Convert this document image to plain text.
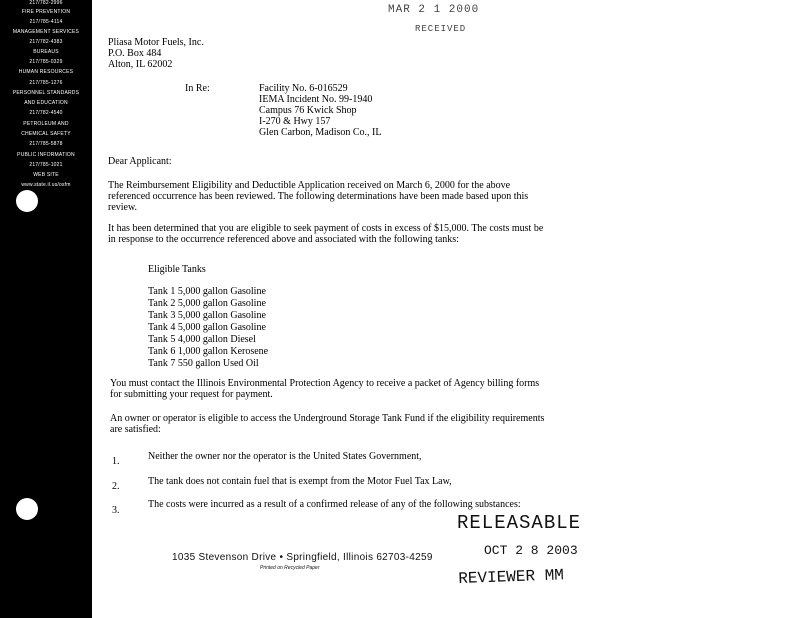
217/782-2996
FIRE PREVENTION
217/785-4114
MANAGEMENT SERVICES
217/782-4383
BUREAUS
217/785-0329
HUMAN RESOURCES
217/785-1276
PERSONNEL STANDARDS
AND EDUCATION
217/782-4540
PETROLEUM AND
CHEMICAL SAFETY
217/785-5878
PUBLIC INFORMATION
217/785-1021
WEB SITE
www.state.il.us/osfm
MAR 2 1 2000
RECEIVED
Pliasa Motor Fuels, Inc.
P.O. Box 484
Alton, IL 62002
In Re:	Facility No. 6-016529
IEMA Incident No. 99-1940
Campus 76 Kwick Shop
I-270 & Hwy 157
Glen Carbon, Madison Co., IL
Dear Applicant:
The Reimbursement Eligibility and Deductible Application received on March 6, 2000 for the above referenced occurrence has been reviewed. The following determinations have been made based upon this review.
It has been determined that you are eligible to seek payment of costs in excess of $15,000. The costs must be in response to the occurrence referenced above and associated with the following tanks:
Eligible Tanks
Tank 1 5,000 gallon Gasoline
Tank 2 5,000 gallon Gasoline
Tank 3 5,000 gallon Gasoline
Tank 4 5,000 gallon Gasoline
Tank 5 4,000 gallon Diesel
Tank 6 1,000 gallon Kerosene
Tank 7 550 gallon Used Oil
You must contact the Illinois Environmental Protection Agency to receive a packet of Agency billing forms for submitting your request for payment.
An owner or operator is eligible to access the Underground Storage Tank Fund if the eligibility requirements are satisfied:
1.	Neither the owner nor the operator is the United States Government,
2.	The tank does not contain fuel that is exempt from the Motor Fuel Tax Law,
3.
The costs were incurred as a result of a confirmed release of any of the following substances:
RELEASABLE
OCT 2 8 2003
REVIEWER MM
1035 Stevenson Drive • Springfield, Illinois 62703-4259
Printed on Recycled Paper
